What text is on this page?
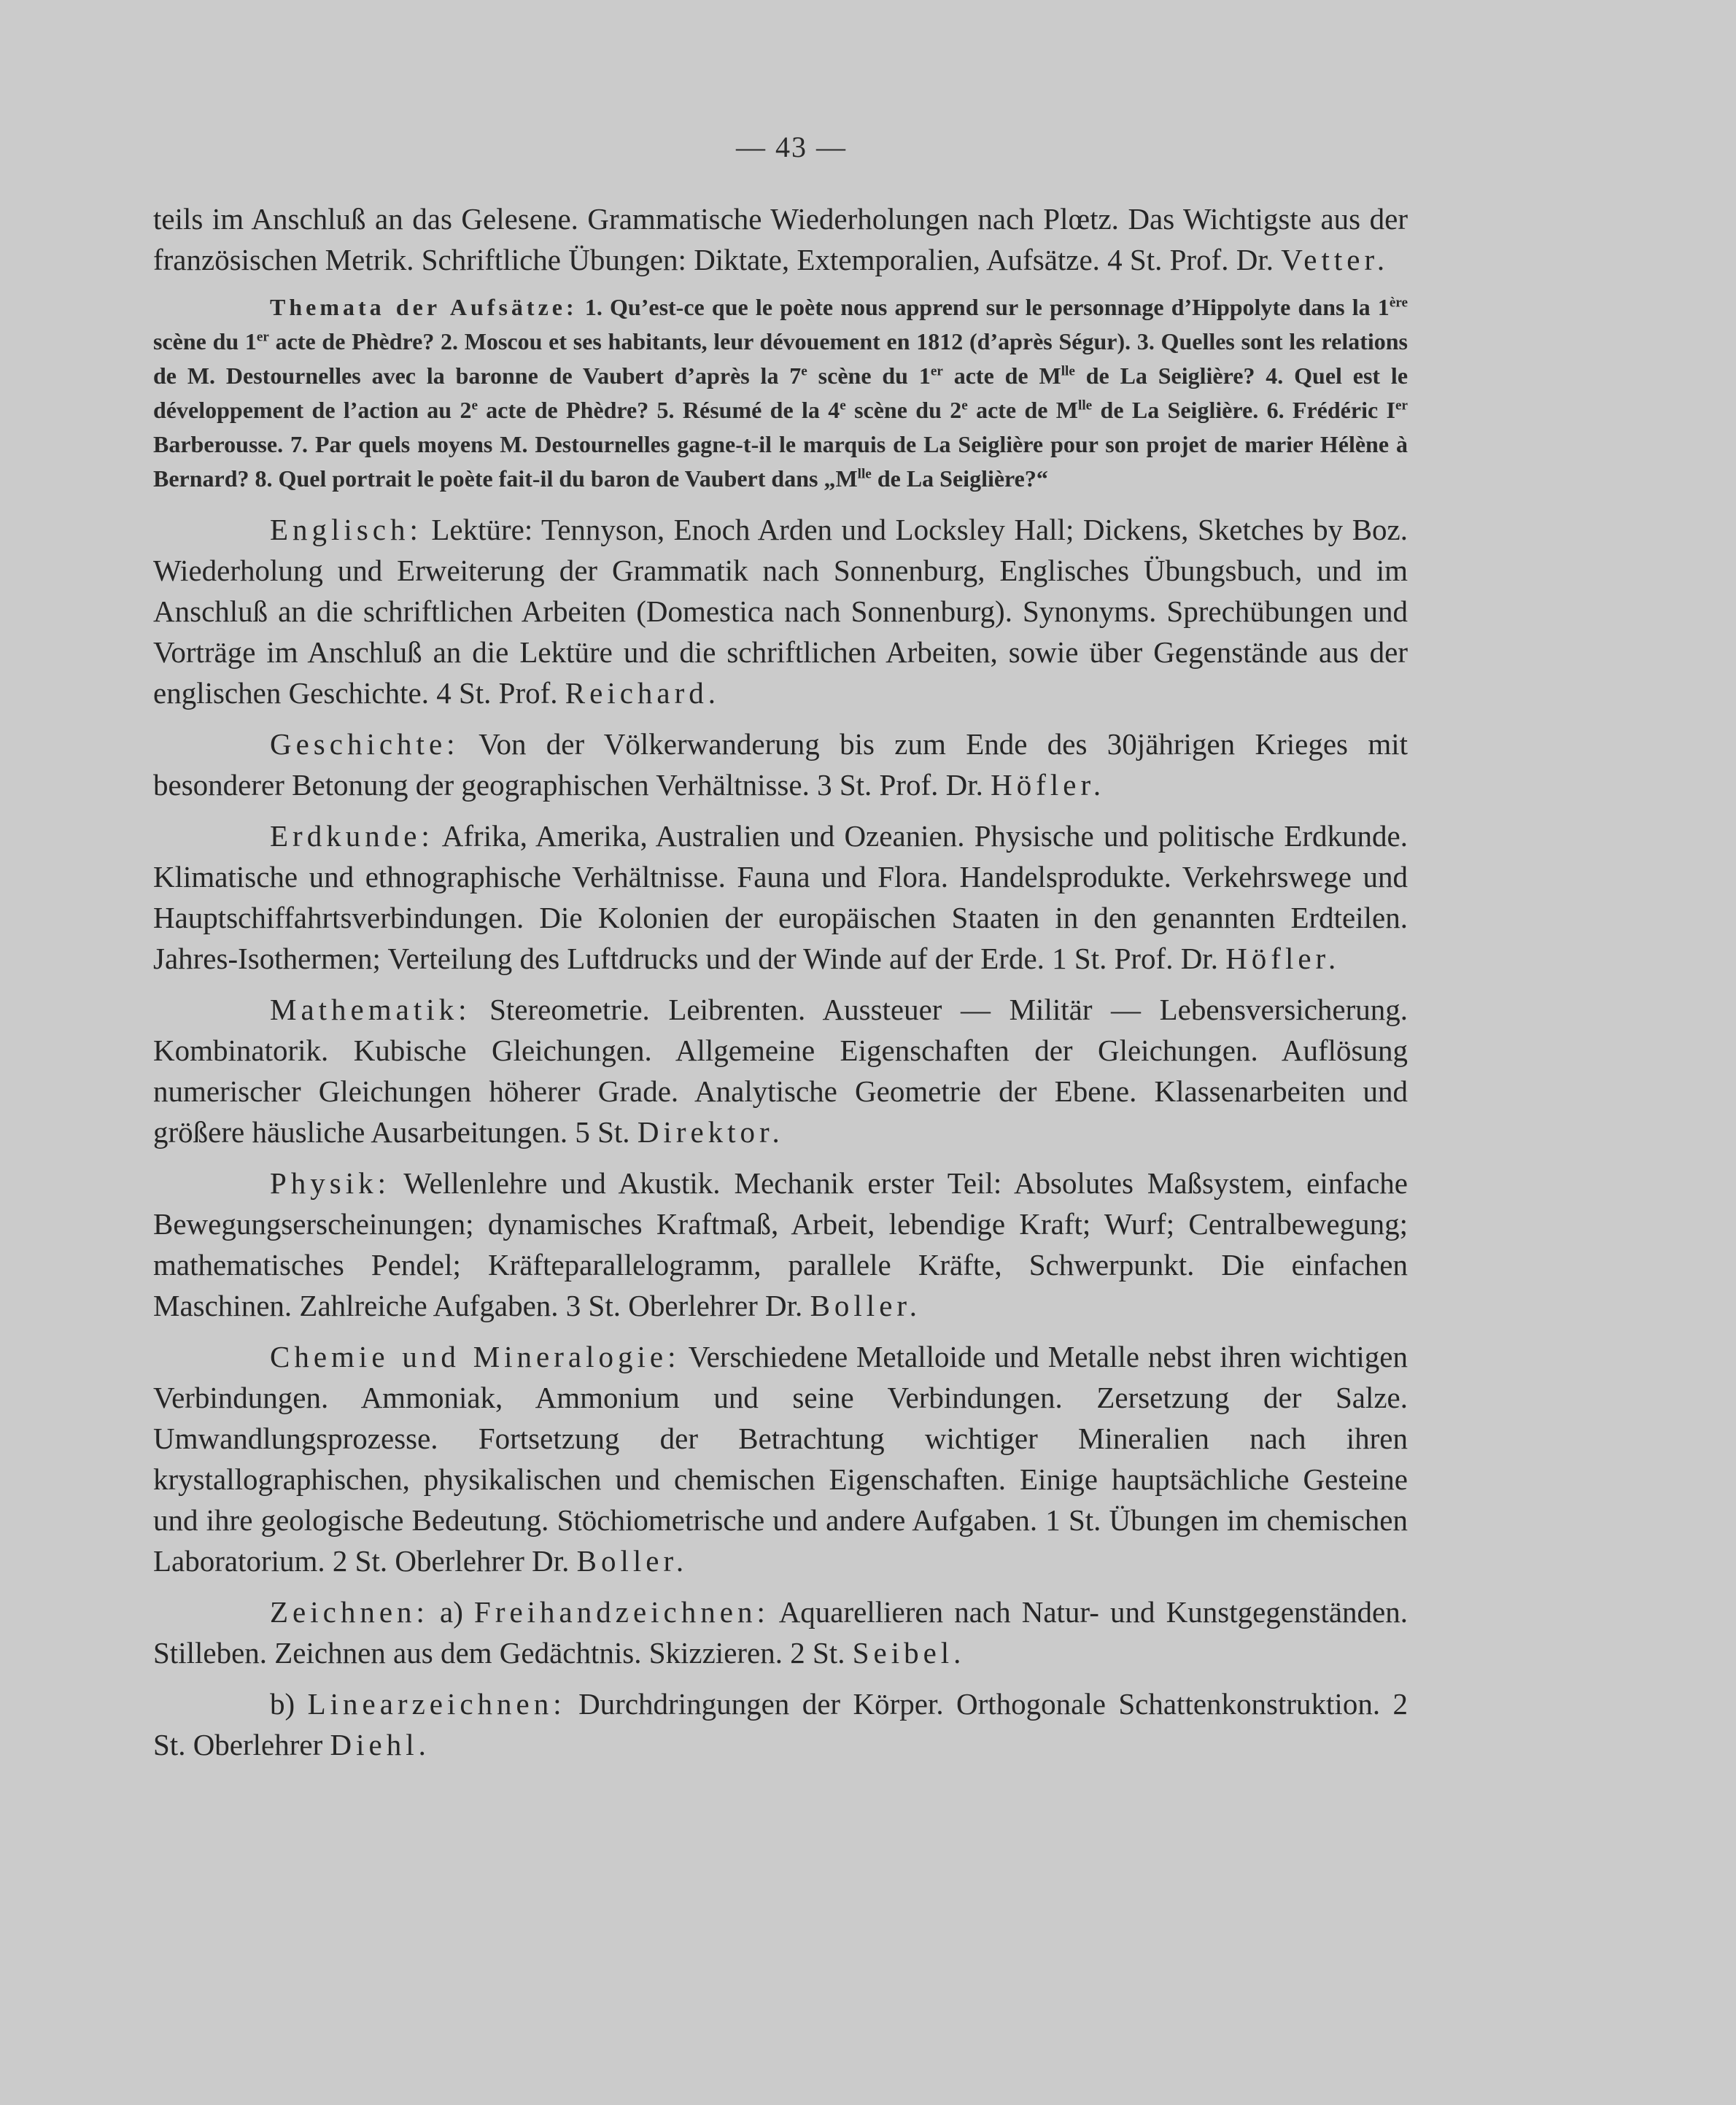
— 43 —

teils im Anschluß an das Gelesene. Grammatische Wiederholungen nach Plœtz. Das Wichtigste aus der französischen Metrik. Schriftliche Übungen: Diktate, Extemporalien, Aufsätze. 4 St. Prof. Dr. Vetter.

Themata der Aufsätze: 1. Qu’est-ce que le poète nous apprend sur le personnage d’Hippolyte dans la 1ère scène du 1er acte de Phèdre? 2. Moscou et ses habitants, leur dévouement en 1812 (d’après Ségur). 3. Quelles sont les relations de M. Destournelles avec la baronne de Vaubert d’après la 7e scène du 1er acte de $M^{lle}$ de La Seiglière? 4. Quel est le développement de l’action au 2e acte de Phèdre? 5. Résumé de la 4e scène du 2e acte de $M^{lle}$ de La Seiglière. 6. Frédéric Ier Barberousse. 7. Par quels moyens M. Destournelles gagne-t-il le marquis de La Seiglière pour son projet de marier Hélène à Bernard? 8. Quel portrait le poète fait-il du baron de Vaubert dans $„M^{lle}$ de La Seiglière?“

Englisch: Lektüre: Tennyson, Enoch Arden und Locksley Hall; Dickens, Sketches by Boz. Wiederholung und Erweiterung der Grammatik nach Sonnenburg, Englisches Übungsbuch, und im Anschluß an die schriftlichen Arbeiten (Domestica nach Sonnenburg). Synonyms. Sprechübungen und Vorträge im Anschluß an die Lektüre und die schriftlichen Arbeiten, sowie über Gegenstände aus der englischen Geschichte. 4 St. Prof. Reichard.

Geschichte: Von der Völkerwanderung bis zum Ende des 30jährigen Krieges mit besonderer Betonung der geographischen Verhältnisse. 3 St. Prof. Dr. Höfler.

Erdkunde: Afrika, Amerika, Australien und Ozeanien. Physische und politische Erdkunde. Klimatische und ethnographische Verhältnisse. Fauna und Flora. Handelsprodukte. Verkehrswege und Hauptschiffahrtsverbindungen. Die Kolonien der europäischen Staaten in den genannten Erdteilen. Jahres-Isothermen; Verteilung des Luftdrucks und der Winde auf der Erde. 1 St. Prof. Dr. Höfler.

Mathematik: Stereometrie. Leibrenten. Aussteuer — Militär — Lebensversicherung. Kombinatorik. Kubische Gleichungen. Allgemeine Eigenschaften der Gleichungen. Auflösung numerischer Gleichungen höherer Grade. Analytische Geometrie der Ebene. Klassenarbeiten und größere häusliche Ausarbeitungen. 5 St. Direktor.

Physik: Wellenlehre und Akustik. Mechanik erster Teil: Absolutes Maßsystem, einfache Bewegungserscheinungen; dynamisches Kraftmaß, Arbeit, lebendige Kraft; Wurf; Centralbewegung; mathematisches Pendel; Kräfteparallelogramm, parallele Kräfte, Schwerpunkt. Die einfachen Maschinen. Zahlreiche Aufgaben. 3 St. Oberlehrer Dr. Boller.

Chemie und Mineralogie: Verschiedene Metalloide und Metalle nebst ihren wichtigen Verbindungen. Ammoniak, Ammonium und seine Verbindungen. Zersetzung der Salze. Umwandlungsprozesse. Fortsetzung der Betrachtung wichtiger Mineralien nach ihren krystallographischen, physikalischen und chemischen Eigenschaften. Einige hauptsächliche Gesteine und ihre geologische Bedeutung. Stöchiometrische und andere Aufgaben. 1 St. Übungen im chemischen Laboratorium. 2 St. Oberlehrer Dr. Boller.

Zeichnen: a) Freihandzeichnen: Aquarellieren nach Natur- und Kunstgegenständen. Stilleben. Zeichnen aus dem Gedächtnis. Skizzieren. 2 St. Seibel.

b) Linearzeichnen: Durchdringungen der Körper. Orthogonale Schattenkonstruktion. 2 St. Oberlehrer Diehl.
